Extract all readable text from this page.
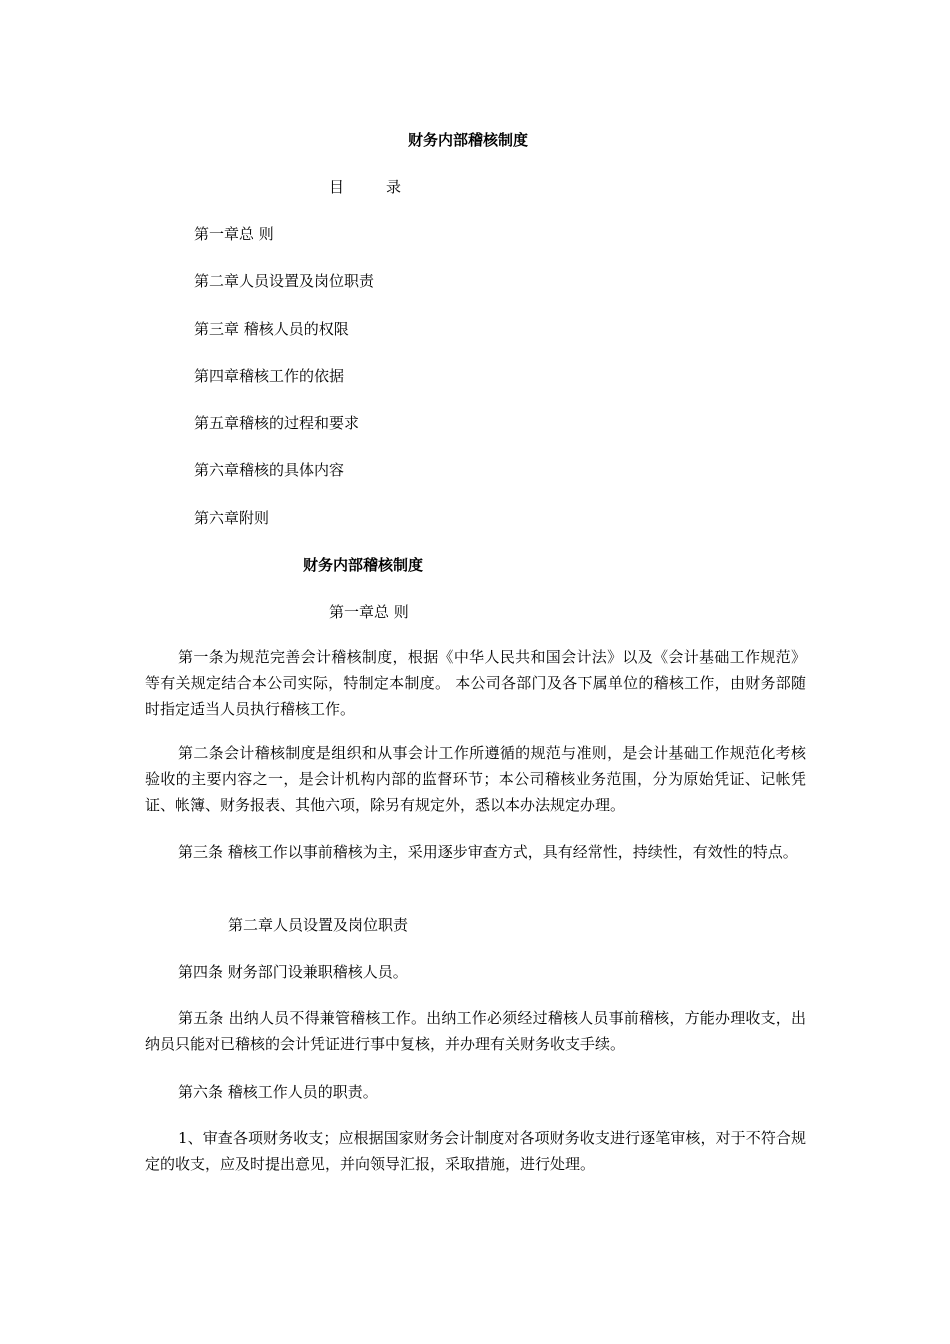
财务内部稽核制度
目	录
第一章总 则
第二章人员设置及岗位职责
第三章 稽核人员的权限
第四章稽核工作的依据
第五章稽核的过程和要求
第六章稽核的具体内容
第六章附则
财务内部稽核制度
第一章总 则
第一条为规范完善会计稽核制度，根据《中华人民共和国会计法》以及《会计基础工作规范》等有关规定结合本公司实际，特制定本制度。 本公司各部门及各下属单位的稽核工作，由财务部随时指定适当人员执行稽核工作。
第二条会计稽核制度是组织和从事会计工作所遵循的规范与准则，是会计基础工作规范化考核验收的主要内容之一，是会计机构内部的监督环节；本公司稽核业务范围，分为原始凭证、记帐凭证、帐簿、财务报表、其他六项，除另有规定外，悉以本办法规定办理。
第三条 稽核工作以事前稽核为主，采用逐步审查方式，具有经常性，持续性，有效性的特点。
第二章人员设置及岗位职责
第四条 财务部门设兼职稽核人员。
第五条 出纳人员不得兼管稽核工作。出纳工作必须经过稽核人员事前稽核，方能办理收支，出纳员只能对已稽核的会计凭证进行事中复核，并办理有关财务收支手续。
第六条 稽核工作人员的职责。
1、审查各项财务收支；应根据国家财务会计制度对各项财务收支进行逐笔审核，对于不符合规定的收支，应及时提出意见，并向领导汇报，采取措施，进行处理。
